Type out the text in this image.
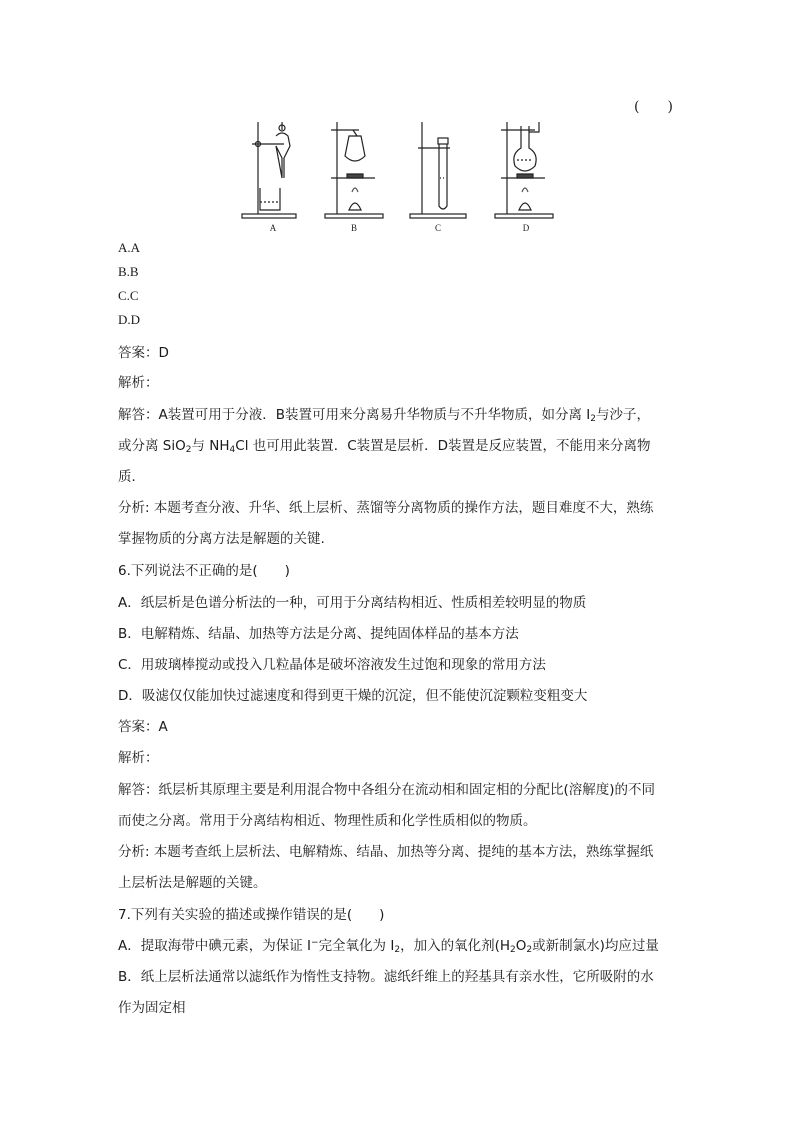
(　　)
A	B	C	D
A.A
B.B
C.C
D.D
答案：D
解析：
解答：A装置可用于分液．B装置可用来分离易升华物质与不升华物质，如分离 $I_2$与沙子，
或分离 SiO$_2$与 $NH_4Cl$ 也可用此装置．C装置是层析．D装置是反应装置，不能用来分离物
质．
分析: 本题考查分液、升华、纸上层析、蒸馏等分离物质的操作方法，题目难度不大，熟练
掌握物质的分离方法是解题的关键.
6.下列说法不正确的是(　　)
A．纸层析是色谱分析法的一种，可用于分离结构相近、性质相差较明显的物质
B．电解精炼、结晶、加热等方法是分离、提纯固体样品的基本方法
C．用玻璃棒搅动或投入几粒晶体是破坏溶液发生过饱和现象的常用方法
D．吸滤仅仅能加快过滤速度和得到更干燥的沉淀，但不能使沉淀颗粒变粗变大
答案：A
解析：
解答：纸层析其原理主要是利用混合物中各组分在流动相和固定相的分配比(溶解度)的不同
而使之分离。常用于分离结构相近、物理性质和化学性质相似的物质。
分析: 本题考查纸上层析法、电解精炼、结晶、加热等分离、提纯的基本方法，熟练掌握纸
上层析法是解题的关键。
7.下列有关实验的描述或操作错误的是(　　)
A．提取海带中碘元素，为保证 I−完全氧化为 $I_2$，加入的氧化剂($H_2O_2$或新制氯水)均应过量
B．纸上层析法通常以滤纸作为惰性支持物。滤纸纤维上的羟基具有亲水性，它所吸附的水
作为固定相
